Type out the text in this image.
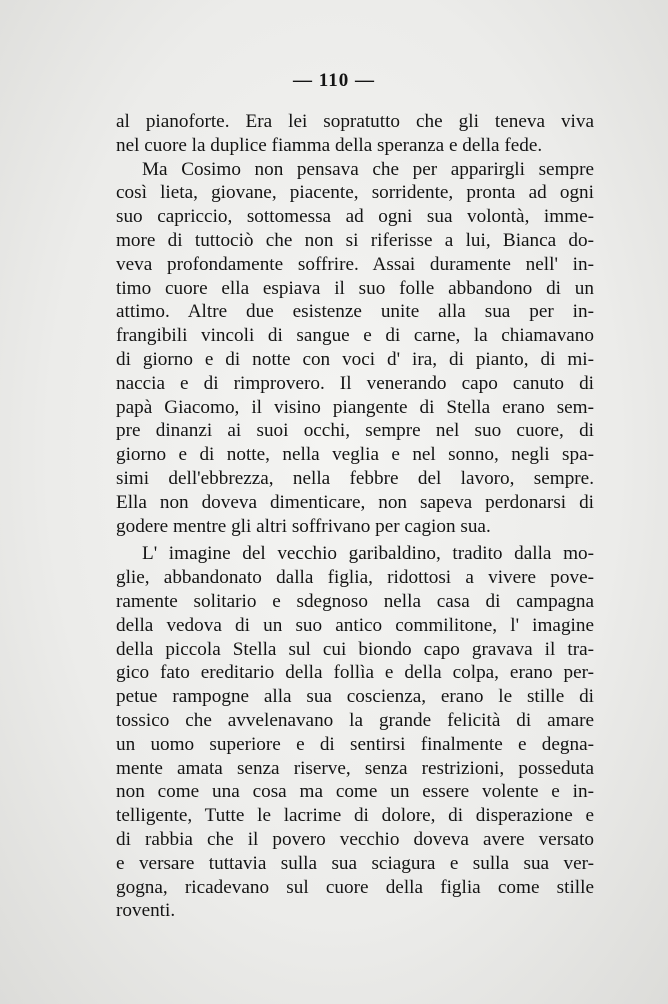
— 110 —
al pianoforte. Era lei sopratutto che gli teneva viva
nel cuore la duplice fiamma della speranza e della fede.
Ma Cosimo non pensava che per apparirgli sempre
così lieta, giovane, piacente, sorridente, pronta ad ogni
suo capriccio, sottomessa ad ogni sua volontà, imme-
more di tuttociò che non si riferisse a lui, Bianca do-
veva profondamente soffrire. Assai duramente nell' in-
timo cuore ella espiava il suo folle abbandono di un
attimo. Altre due esistenze unite alla sua per in-
frangibili vincoli di sangue e di carne, la chiamavano
di giorno e di notte con voci d' ira, di pianto, di mi-
naccia e di rimprovero. Il venerando capo canuto di
papà Giacomo, il visino piangente di Stella erano sem-
pre dinanzi ai suoi occhi, sempre nel suo cuore, di
giorno e di notte, nella veglia e nel sonno, negli spa-
simi dell'ebbrezza, nella febbre del lavoro, sempre.
Ella non doveva dimenticare, non sapeva perdonarsi di
godere mentre gli altri soffrivano per cagion sua.
L' imagine del vecchio garibaldino, tradito dalla mo-
glie, abbandonato dalla figlia, ridottosi a vivere pove-
ramente solitario e sdegnoso nella casa di campagna
della vedova di un suo antico commilitone, l' imagine
della piccola Stella sul cui biondo capo gravava il tra-
gico fato ereditario della follìa e della colpa, erano per-
petue rampogne alla sua coscienza, erano le stille di
tossico che avvelenavano la grande felicità di amare
un uomo superiore e di sentirsi finalmente e degna-
mente amata senza riserve, senza restrizioni, posseduta
non come una cosa ma come un essere volente e in-
telligente, Tutte le lacrime di dolore, di disperazione e
di rabbia che il povero vecchio doveva avere versato
e versare tuttavia sulla sua sciagura e sulla sua ver-
gogna, ricadevano sul cuore della figlia come stille
roventi.
